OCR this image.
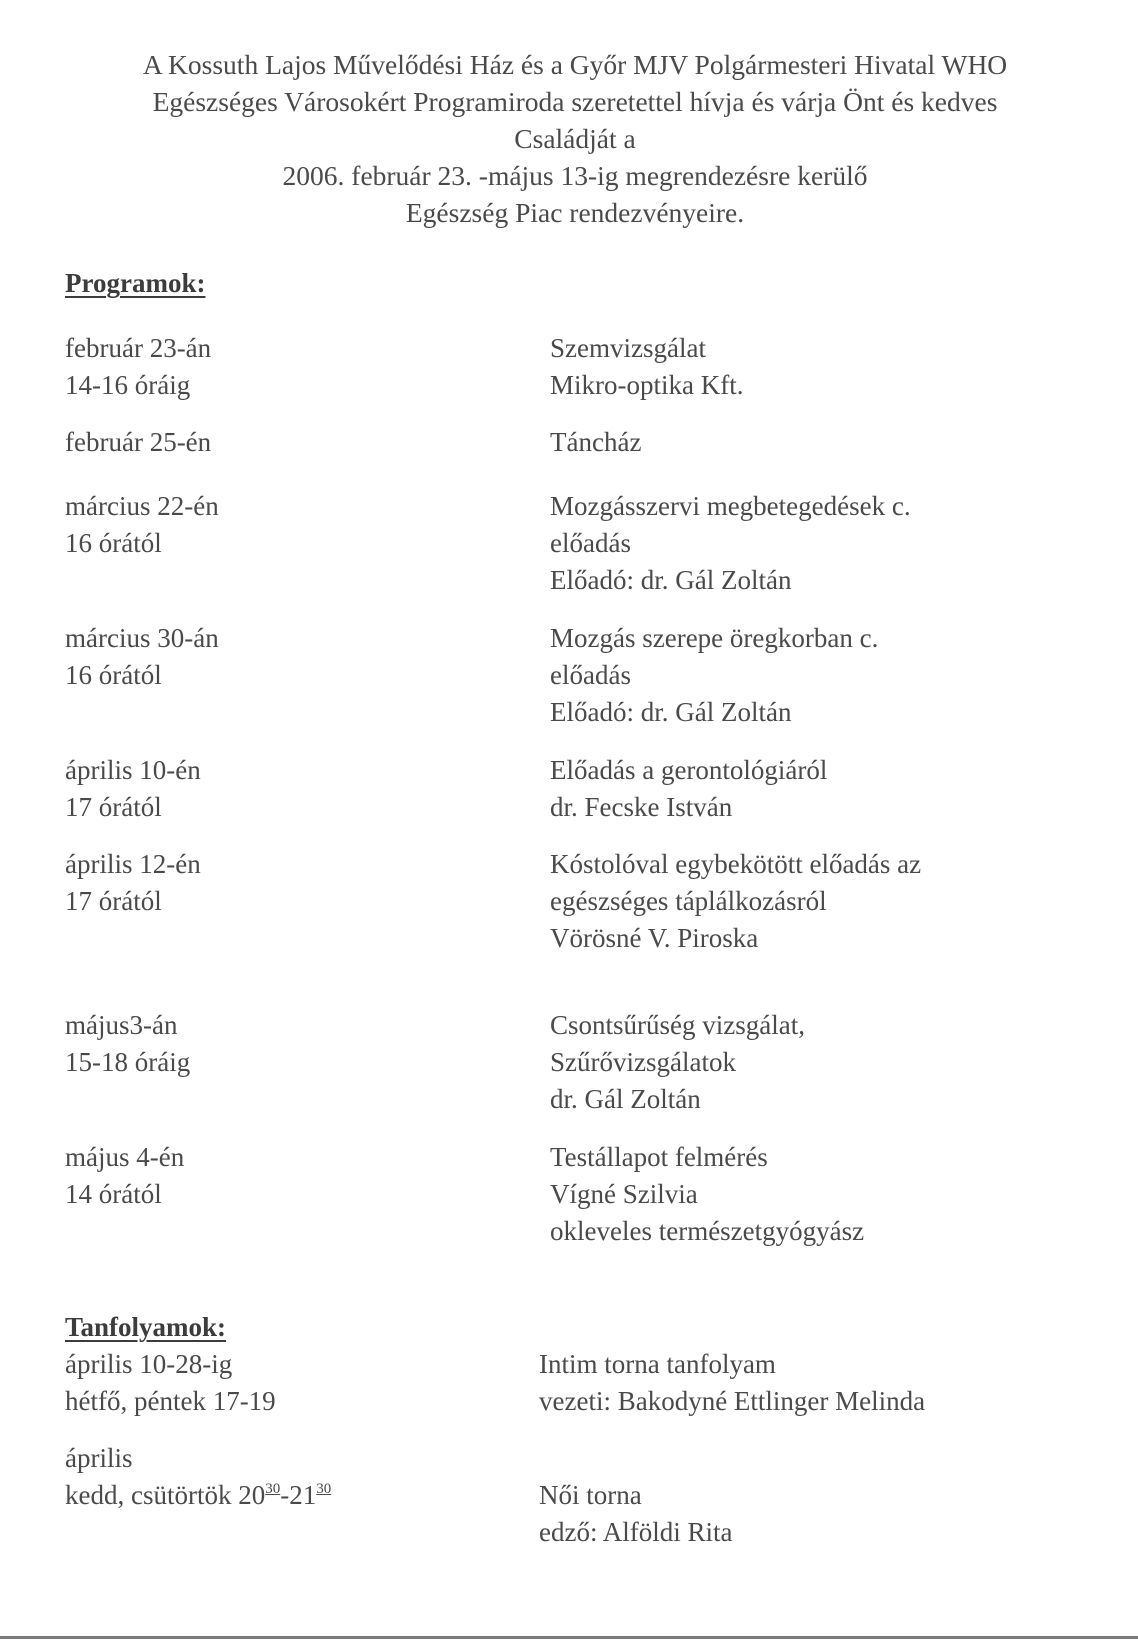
A Kossuth Lajos Művelődési Ház és a Győr MJV Polgármesteri Hivatal WHO
Egészséges Városokért Programiroda szeretettel hívja és várja Önt és kedves
Családját a
2006. február 23. -május 13-ig megrendezésre kerülő
Egészség Piac rendezvényeire.
Programok:
február 23-án
14-16 óráig
Szemvizsgálat
Mikro-optika Kft.
február 25-én	Táncház
március 22-én
16 órától
Mozgásszervi megbetegedések c.
előadás
Előadó: dr. Gál Zoltán
március 30-án
16 órától
Mozgás szerepe öregkorban c.
előadás
Előadó: dr. Gál Zoltán
április 10-én
17 órától
Előadás a gerontológiáról
dr. Fecske István
április 12-én
17 órától
Kóstolóval egybekötött előadás az
egészséges táplálkozásról
Vörösné V. Piroska
május3-án
15-18 óráig
Csontsűrűség vizsgálat,
Szűrővizsgálatok
dr. Gál Zoltán
május 4-én
14 órától
Testállapot felmérés
Vígné Szilvia
okleveles természetgyógyász
Tanfolyamok:
április 10-28-ig
hétfő, péntek 17-19
Intim torna tanfolyam
vezeti: Bakodyné Ettlinger Melinda
április
kedd, csütörtök $20^{30}-21^{30}$	Női torna
edző: Alföldi Rita
